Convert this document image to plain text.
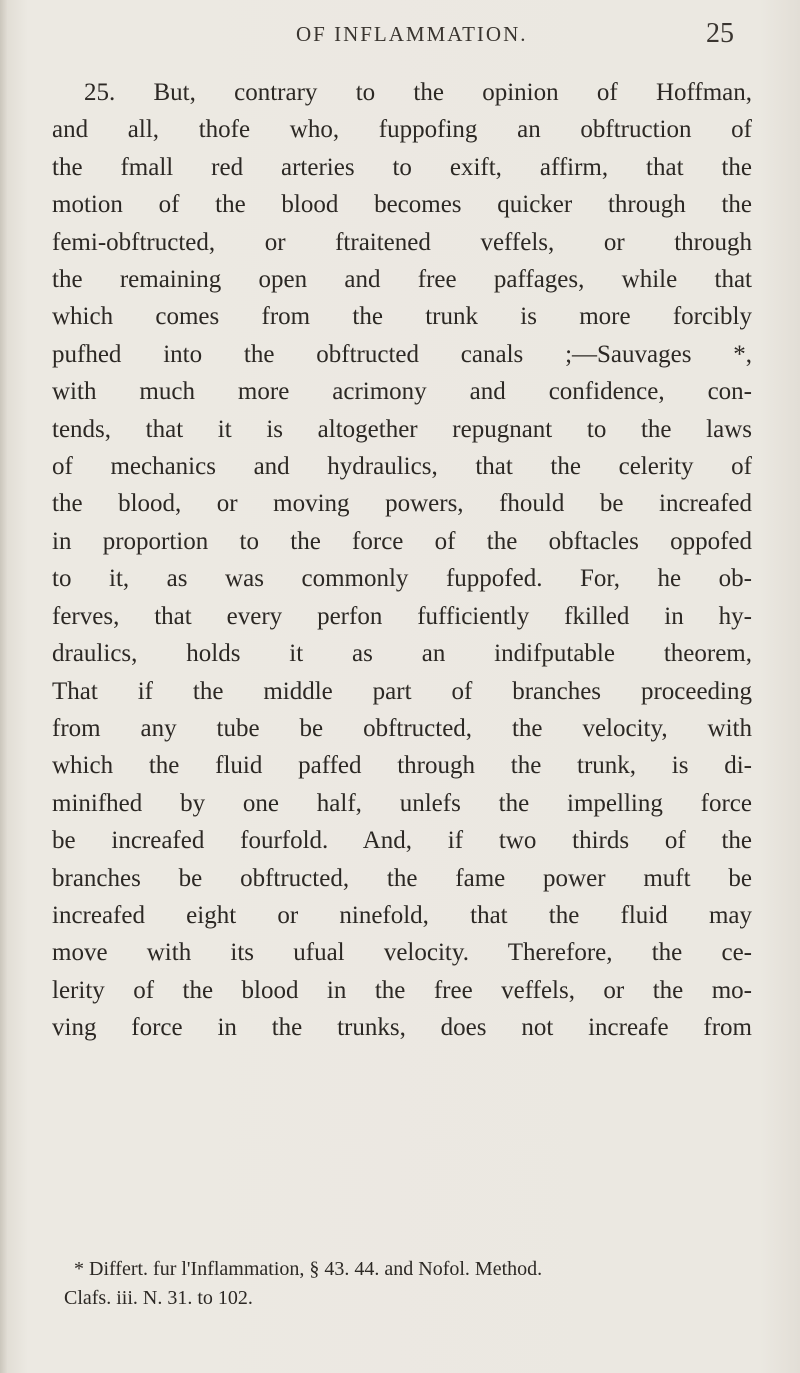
OF INFLAMMATION.	25
25. But, contrary to the opinion of Hoffman,
and all, thofe who, fuppofing an obftruction of
the fmall red arteries to exift, affirm, that the
motion of the blood becomes quicker through the
femi-obftructed, or ftraitened veffels, or through
the remaining open and free paffages, while that
which comes from the trunk is more forcibly
pufhed into the obftructed canals ;—Sauvages *,
with much more acrimony and confidence, con-
tends, that it is altogether repugnant to the laws
of mechanics and hydraulics, that the celerity of
the blood, or moving powers, fhould be increafed
in proportion to the force of the obftacles oppofed
to it, as was commonly fuppofed. For, he ob-
ferves, that every perfon fufficiently fkilled in hy-
draulics, holds it as an indifputable theorem,
That if the middle part of branches proceeding
from any tube be obftructed, the velocity, with
which the fluid paffed through the trunk, is di-
minifhed by one half, unlefs the impelling force
be increafed fourfold. And, if two thirds of the
branches be obftructed, the fame power muft be
increafed eight or ninefold, that the fluid may
move with its ufual velocity. Therefore, the ce-
lerity of the blood in the free veffels, or the mo-
ving force in the trunks, does not increafe from
* Differt. fur l'Inflammation, § 43. 44. and Nofol. Method.
Clafs. iii. N. 31. to 102.
